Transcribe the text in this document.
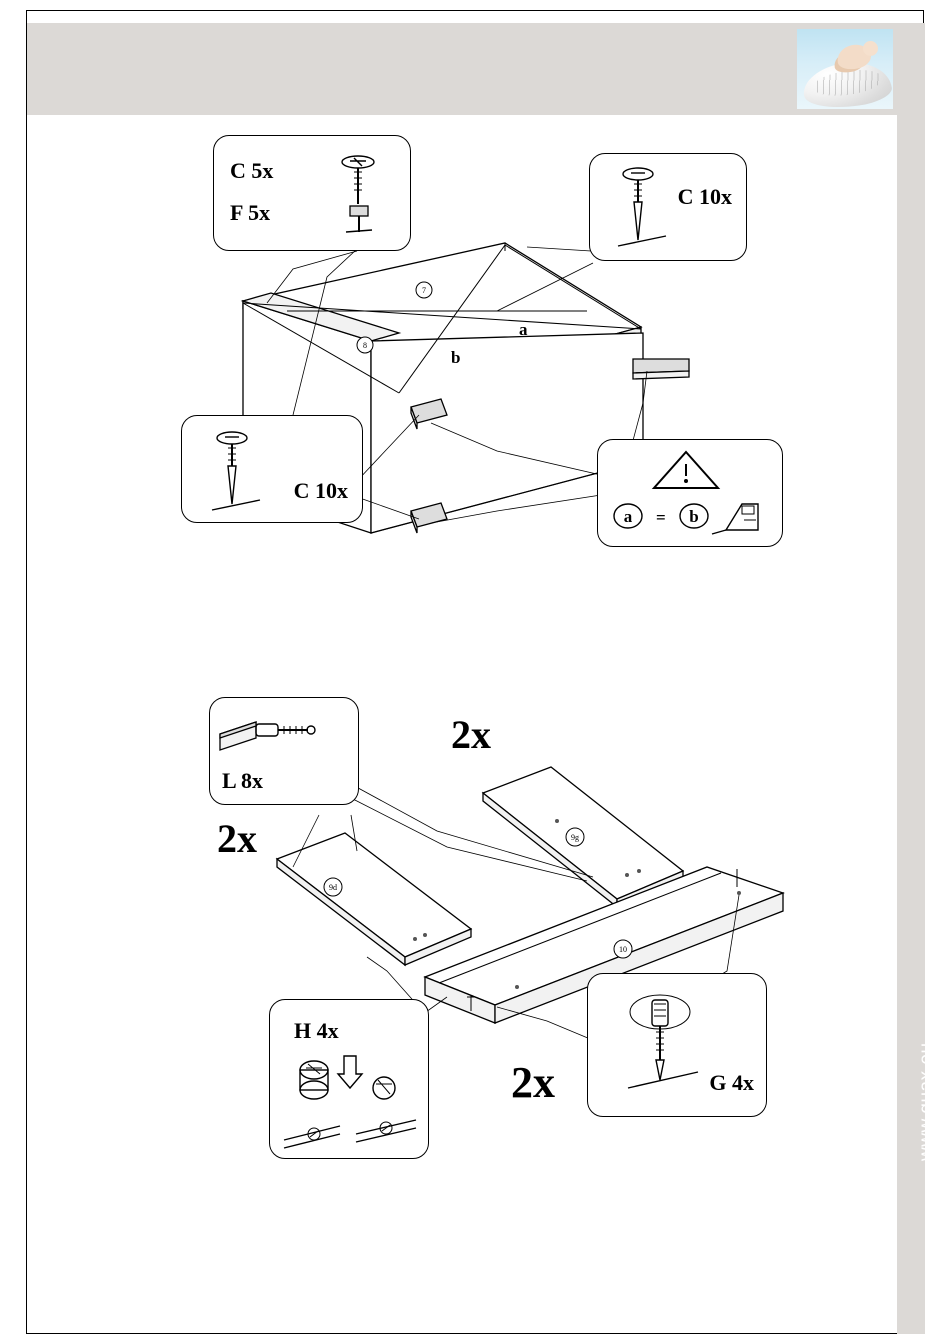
www.quax.eu
info@quax.eu
a
b
7
8
C 5x
F 5x
C 10x
C 10x
a = b
9g
9d
10
L 8x
H 4x
G 4x
2x
2x
2x
